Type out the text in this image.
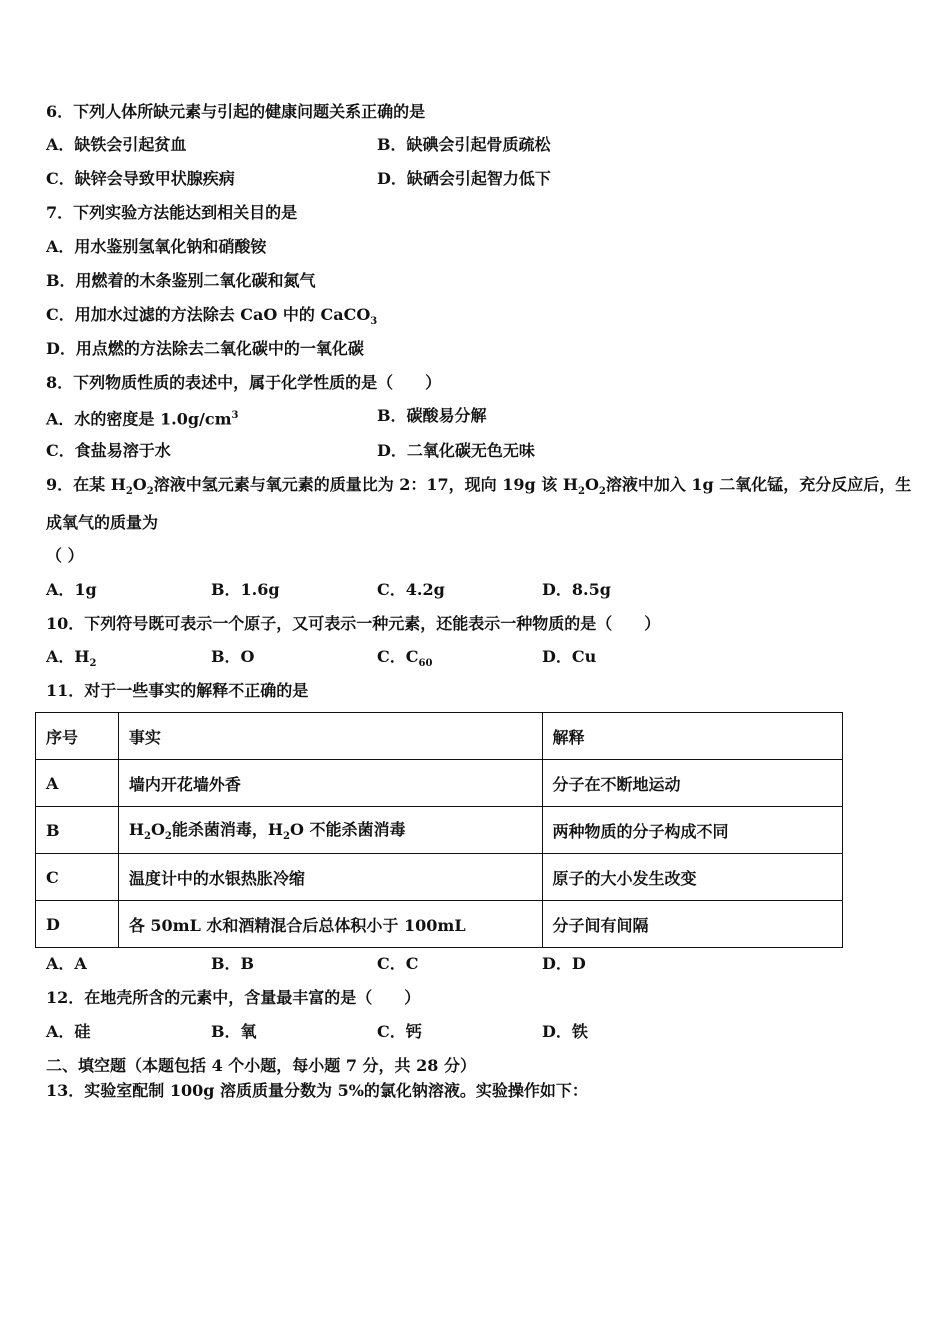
6．下列人体所缺元素与引起的健康问题关系正确的是
A．缺铁会引起贫血	B．缺碘会引起骨质疏松
C．缺锌会导致甲状腺疾病	D．缺硒会引起智力低下
7．下列实验方法能达到相关目的是
A．用水鉴别氢氧化钠和硝酸铵
B．用燃着的木条鉴别二氧化碳和氮气
C．用加水过滤的方法除去 CaO 中的 CaCO$_3$
D．用点燃的方法除去二氧化碳中的一氧化碳
8．下列物质性质的表述中，属于化学性质的是（　　）
A．水的密度是 $1.0g/cm^3$	B．碳酸易分解
C．食盐易溶于水	D．二氧化碳无色无味
9．在某 $H_2O_2$溶液中氢元素与氧元素的质量比为 2：17，现向 19g 该 $H_2O_2$溶液中加入 1g 二氧化锰，充分反应后，生
成氧气的质量为
（ ）
A．1g	B．1.6g	C．4.2g	D．8.5g
10．下列符号既可表示一个原子，又可表示一种元素，还能表示一种物质的是（　　）
A．$H_2$	B．O	C．$C_{60}$	D．Cu
11．对于一些事实的解释不正确的是
序号	事实	解释
A	墙内开花墙外香	分子在不断地运动
B	$H_2O_2$能杀菌消毒，$H_2O$ 不能杀菌消毒	两种物质的分子构成不同
C	温度计中的水银热胀冷缩	原子的大小发生改变
D	各 50mL 水和酒精混合后总体积小于 100mL	分子间有间隔
A．A	B．B	C．C	D．D
12．在地壳所含的元素中，含量最丰富的是（　　）
A．硅	B．氧	C．钙	D．铁
二、填空题（本题包括 4 个小题，每小题 7 分，共 28 分）
13．实验室配制 100g 溶质质量分数为 5%的氯化钠溶液。实验操作如下：
